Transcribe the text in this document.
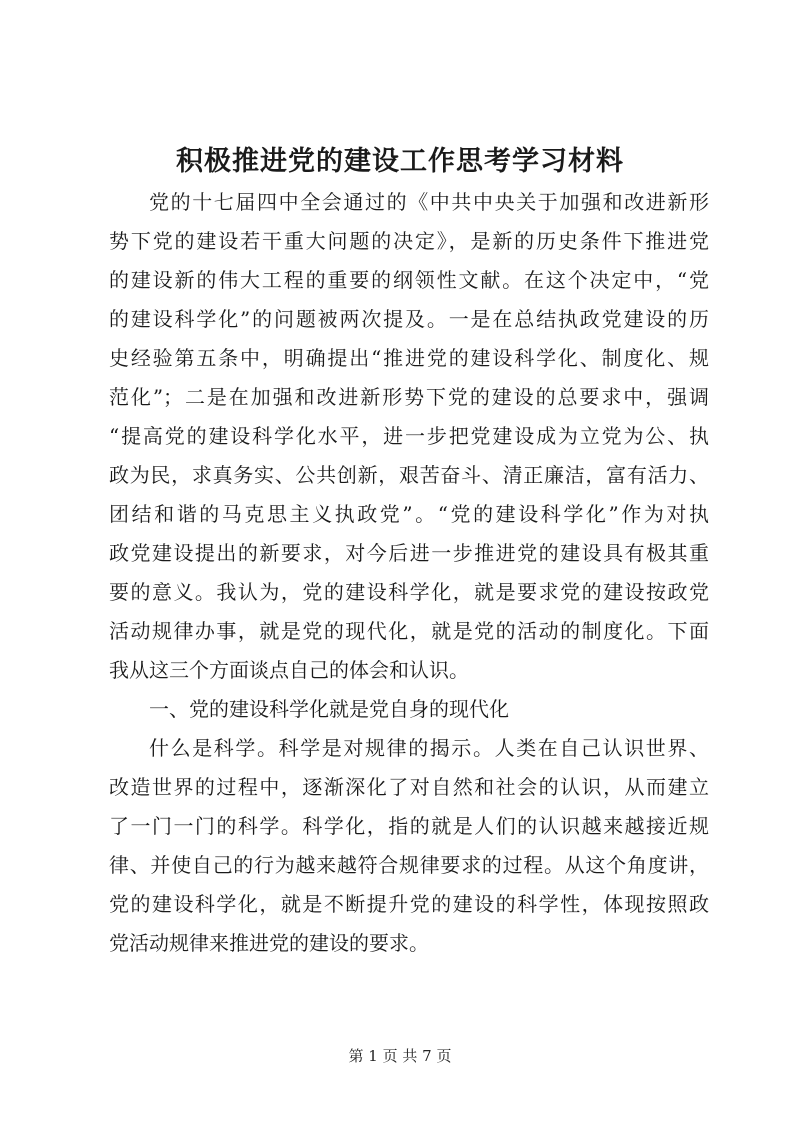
积极推进党的建设工作思考学习材料
党的十七届四中全会通过的《中共中央关于加强和改进新形
势下党的建设若干重大问题的决定》，是新的历史条件下推进党
的建设新的伟大工程的重要的纲领性文献。在这个决定中，“党
的建设科学化”的问题被两次提及。一是在总结执政党建设的历
史经验第五条中，明确提出“推进党的建设科学化、制度化、规
范化”；二是在加强和改进新形势下党的建设的总要求中，强调
“提高党的建设科学化水平，进一步把党建设成为立党为公、执
政为民，求真务实、公共创新，艰苦奋斗、清正廉洁，富有活力、
团结和谐的马克思主义执政党”。“党的建设科学化”作为对执
政党建设提出的新要求，对今后进一步推进党的建设具有极其重
要的意义。我认为，党的建设科学化，就是要求党的建设按政党
活动规律办事，就是党的现代化，就是党的活动的制度化。下面
我从这三个方面谈点自己的体会和认识。
一、党的建设科学化就是党自身的现代化
什么是科学。科学是对规律的揭示。人类在自己认识世界、
改造世界的过程中，逐渐深化了对自然和社会的认识，从而建立
了一门一门的科学。科学化，指的就是人们的认识越来越接近规
律、并使自己的行为越来越符合规律要求的过程。从这个角度讲，
党的建设科学化，就是不断提升党的建设的科学性，体现按照政
党活动规律来推进党的建设的要求。
第 1 页 共 7 页
